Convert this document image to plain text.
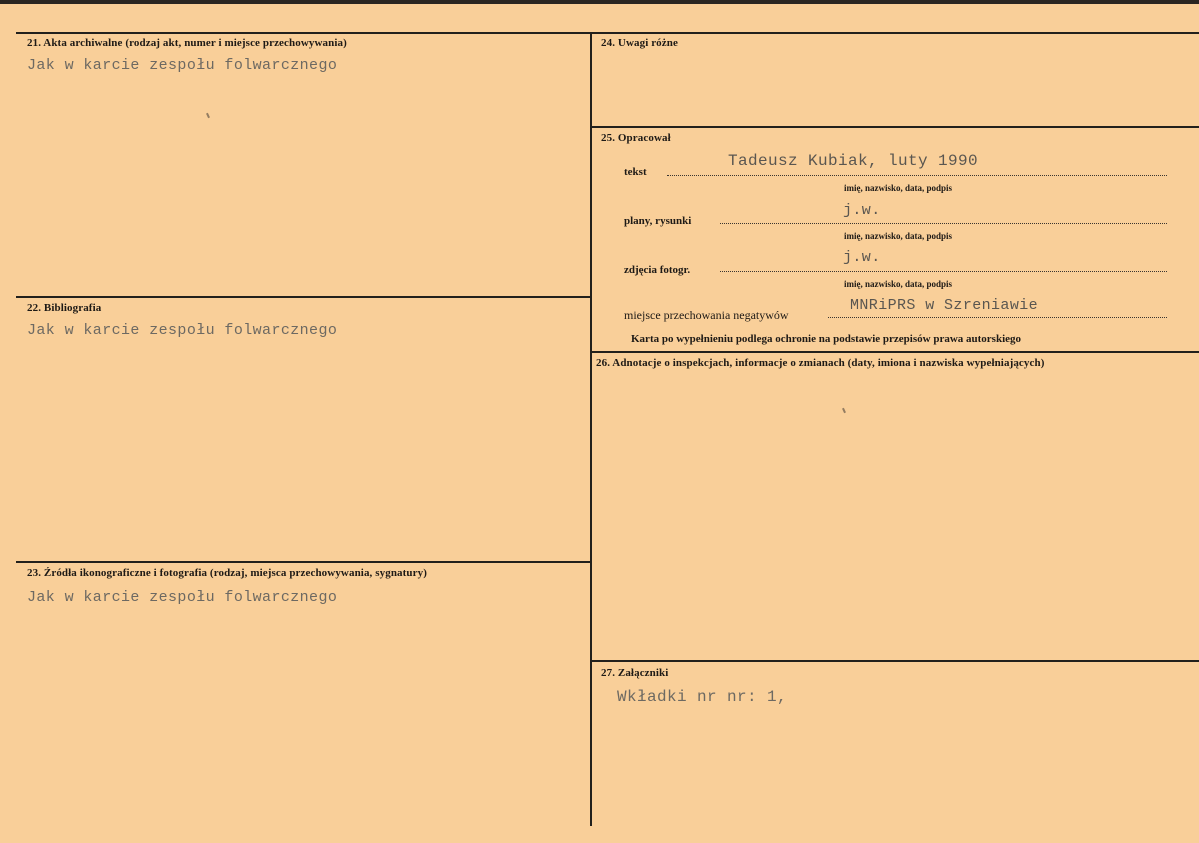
21. Akta archiwalne (rodzaj akt, numer i miejsce przechowywania)
Jak w karcie zespołu folwarcznego
22. Bibliografia
Jak w karcie zespołu folwarcznego
23. Źródła ikonograficzne i fotografia (rodzaj, miejsca przechowywania, sygnatury)
Jak w karcie zespołu folwarcznego
24. Uwagi różne
25. Opracował
tekst
Tadeusz Kubiak, luty 1990
imię, nazwisko, data, podpis
plany, rysunki
j.w.
imię, nazwisko, data, podpis
zdjęcia fotogr.
j.w.
imię, nazwisko, data, podpis
miejsce przechowania negatywów
MNRiPRS w Szreniawie
Karta po wypełnieniu podlega ochronie na podstawie przepisów prawa autorskiego
26. Adnotacje o inspekcjach, informacje o zmianach (daty, imiona i nazwiska wypełniających)
27. Załączniki
Wkładki nr nr: 1,
